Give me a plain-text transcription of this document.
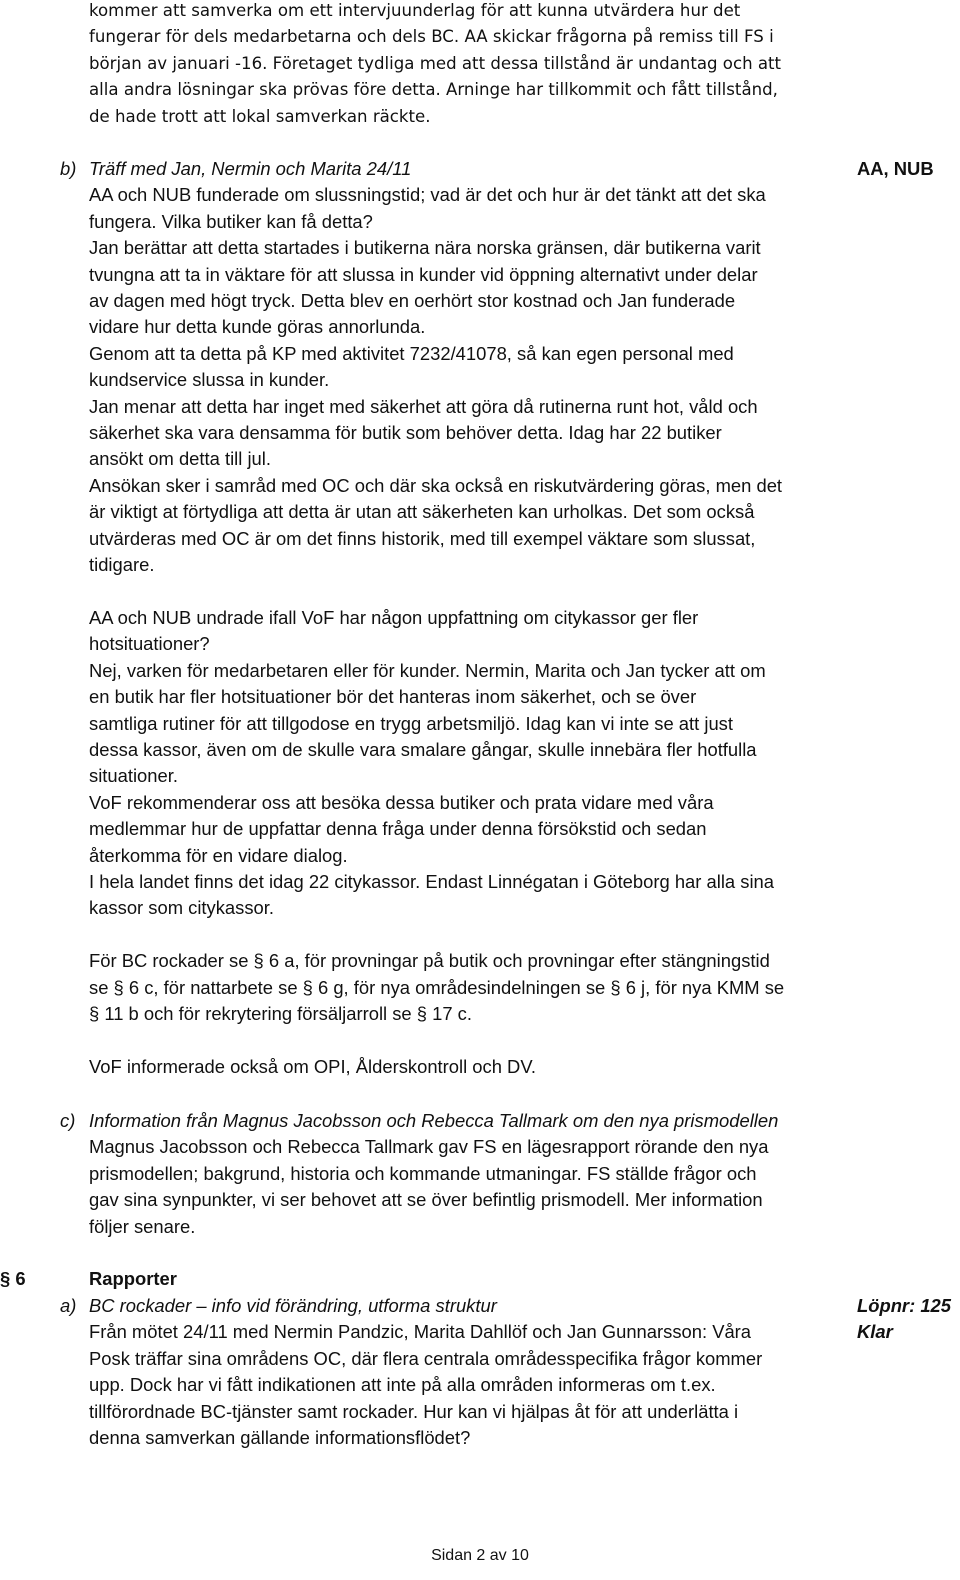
kommer att samverka om ett intervjuunderlag för att kunna utvärdera hur det

fungerar för dels medarbetarna och dels BC. AA skickar frågorna på remiss till FS i

början av januari -16. Företaget tydliga med att dessa tillstånd är undantag och att

alla andra lösningar ska prövas före detta. Arninge har tillkommit och fått tillstånd,

de hade trott att lokal samverkan räckte.

b)	AA, NUB

Träff med Jan, Nermin och Marita 24/11

AA och NUB funderade om slussningstid; vad är det och hur är det tänkt att det ska

fungera. Vilka butiker kan få detta?

Jan berättar att detta startades i butikerna nära norska gränsen, där butikerna varit

tvungna att ta in väktare för att slussa in kunder vid öppning alternativt under delar

av dagen med högt tryck. Detta blev en oerhört stor kostnad och Jan funderade

vidare hur detta kunde göras annorlunda.

Genom att ta detta på KP med aktivitet 7232/41078, så kan egen personal med

kundservice slussa in kunder.

Jan menar att detta har inget med säkerhet att göra då rutinerna runt hot, våld och

säkerhet ska vara densamma för butik som behöver detta. Idag har 22 butiker

ansökt om detta till jul.

Ansökan sker i samråd med OC och där ska också en riskutvärdering göras, men det

är viktigt at förtydliga att detta är utan att säkerheten kan urholkas. Det som också

utvärderas med OC är om det finns historik, med till exempel väktare som slussat,

tidigare.

AA och NUB undrade ifall VoF har någon uppfattning om citykassor ger fler

hotsituationer?

Nej, varken för medarbetaren eller för kunder. Nermin, Marita och Jan tycker att om

en butik har fler hotsituationer bör det hanteras inom säkerhet, och se över

samtliga rutiner för att tillgodose en trygg arbetsmiljö. Idag kan vi inte se att just

dessa kassor, även om de skulle vara smalare gångar, skulle innebära fler hotfulla

situationer.

VoF rekommenderar oss att besöka dessa butiker och prata vidare med våra

medlemmar hur de uppfattar denna fråga under denna försökstid och sedan

återkomma för en vidare dialog.

I hela landet finns det idag 22 citykassor. Endast Linnégatan i Göteborg har alla sina

kassor som citykassor.

För BC rockader se § 6 a, för provningar på butik och provningar efter stängningstid

se § 6 c, för nattarbete se § 6 g, för nya områdesindelningen se § 6 j, för nya KMM se

§ 11 b och för rekrytering försäljarroll se § 17 c.

VoF informerade också om OPI, Ålderskontroll och DV.

c) Information från Magnus Jacobsson och Rebecca Tallmark om den nya prismodellen

Magnus Jacobsson och Rebecca Tallmark gav FS en lägesrapport rörande den nya

prismodellen; bakgrund, historia och kommande utmaningar. FS ställde frågor och

gav sina synpunkter, vi ser behovet att se över befintlig prismodell. Mer information

följer senare.

§ 6	Rapporter
a)	Löpnr: 125
Klar

BC rockader – info vid förändring, utforma struktur

Från mötet 24/11 med Nermin Pandzic, Marita Dahllöf och Jan Gunnarsson: Våra

Posk träffar sina områdens OC, där flera centrala områdesspecifika frågor kommer

upp. Dock har vi fått indikationen att inte på alla områden informeras om t.ex.

tillförordnade BC-tjänster samt rockader. Hur kan vi hjälpas åt för att underlätta i

denna samverkan gällande informationsflödet?

Sidan 2 av 10
